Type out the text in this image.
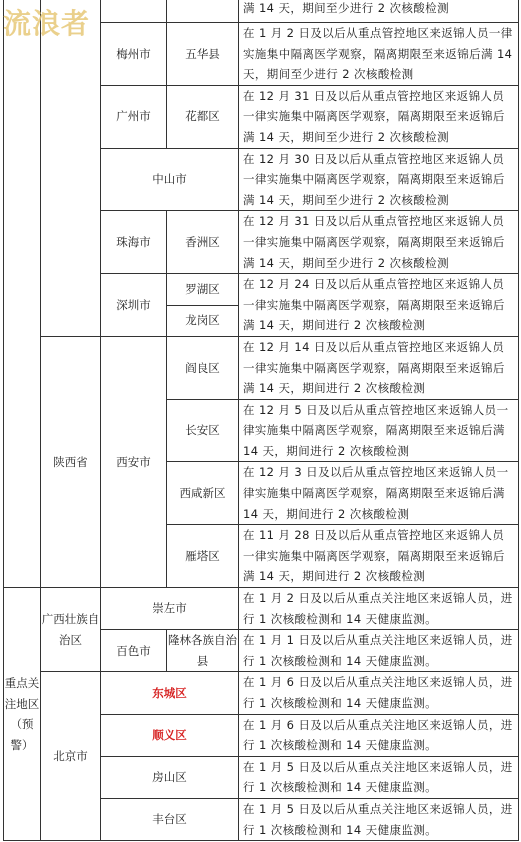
				满 14 天，期间至少进行 2 次核酸检测
		梅州市	五华县	在 1 月 2 日及以后从重点管控地区来返锦人员一律实施集中隔离医学观察，隔离期限至来返锦后满 14 天，期间至少进行 2 次核酸检测
		广州市	花都区	在 12 月 31 日及以后从重点管控地区来返锦人员一律实施集中隔离医学观察，隔离期限至来返锦后满 14 天，期间至少进行 2 次核酸检测
		中山市		在 12 月 30 日及以后从重点管控地区来返锦人员一律实施集中隔离医学观察，隔离期限至来返锦后满 14 天，期间至少进行 2 次核酸检测
		珠海市	香洲区	在 12 月 31 日及以后从重点管控地区来返锦人员一律实施集中隔离医学观察，隔离期限至来返锦后满 14 天，期间至少进行 2 次核酸检测
		深圳市	罗湖区	在 12 月 24 日及以后从重点管控地区来返锦人员一律实施集中隔离医学观察，隔离期限至来返锦后满 14 天，期间进行 2 次核酸检测
			龙岗区	
	陕西省	西安市	阎良区	在 12 月 14 日及以后从重点管控地区来返锦人员一律实施集中隔离医学观察，隔离期限至来返锦后满 14 天，期间进行 2 次核酸检测
			长安区	在 12 月 5 日及以后从重点管控地区来返锦人员一律实施集中隔离医学观察，隔离期限至来返锦后满 14 天，期间进行 2 次核酸检测
			西咸新区	在 12 月 3 日及以后从重点管控地区来返锦人员一律实施集中隔离医学观察，隔离期限至来返锦后满 14 天，期间进行 2 次核酸检测
			雁塔区	在 11 月 28 日及以后从重点管控地区来返锦人员一律实施集中隔离医学观察，隔离期限至来返锦后满 14 天，期间进行 2 次核酸检测
重点关注地区（预警）	广西壮族自治区	崇左市		在 1 月 2 日及以后从重点关注地区来返锦人员，进行 1 次核酸检测和 14 天健康监测。
		百色市	隆林各族自治县	在 1 月 1 日及以后从重点关注地区来返锦人员，进行 1 次核酸检测和 14 天健康监测。
	北京市	东城区		在 1 月 6 日及以后从重点关注地区来返锦人员，进行 1 次核酸检测和 14 天健康监测。
		顺义区		在 1 月 6 日及以后从重点关注地区来返锦人员，进行 1 次核酸检测和 14 天健康监测。
		房山区		在 1 月 5 日及以后从重点关注地区来返锦人员，进行 1 次核酸检测和 14 天健康监测。
		丰台区		在 1 月 5 日及以后从重点关注地区来返锦人员，进行 1 次核酸检测和 14 天健康监测。
流浪者
